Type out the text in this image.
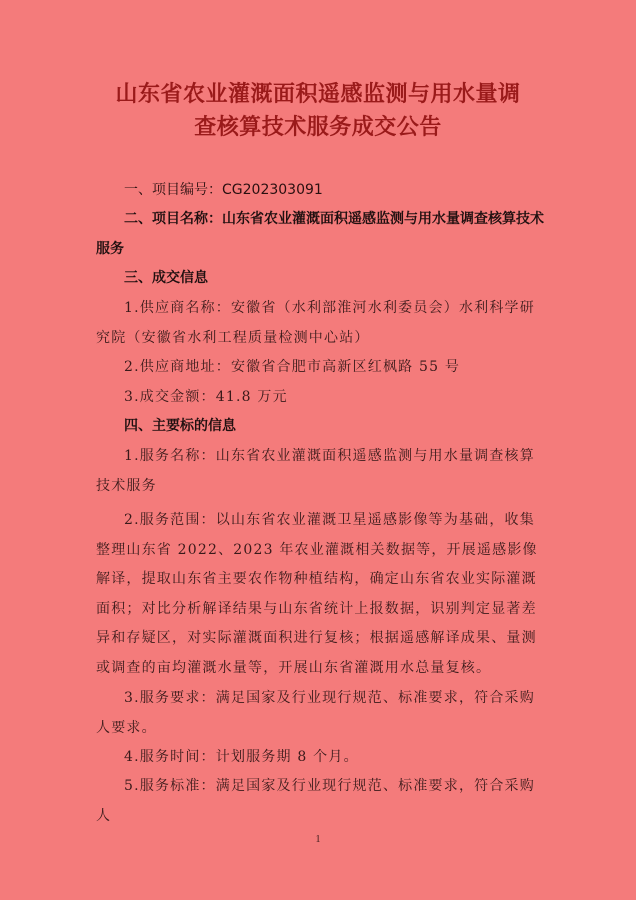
山东省农业灌溉面积遥感监测与用水量调
查核算技术服务成交公告

一、项目编号：CG202303091

二、项目名称：山东省农业灌溉面积遥感监测与用水量调查核算技术服务

三、成交信息

1.供应商名称：安徽省（水利部淮河水利委员会）水利科学研究院（安徽省水利工程质量检测中心站）

2.供应商地址：安徽省合肥市高新区红枫路 55 号

3.成交金额：41.8 万元

四、主要标的信息

1.服务名称：山东省农业灌溉面积遥感监测与用水量调查核算技术服务

2.服务范围：以山东省农业灌溉卫星遥感影像等为基础，收集整理山东省 2022、2023 年农业灌溉相关数据等，开展遥感影像解译，提取山东省主要农作物种植结构，确定山东省农业实际灌溉面积；对比分析解译结果与山东省统计上报数据，识别判定显著差异和存疑区，对实际灌溉面积进行复核；根据遥感解译成果、量测或调查的亩均灌溉水量等，开展山东省灌溉用水总量复核。

3.服务要求：满足国家及行业现行规范、标准要求，符合采购人要求。

4.服务时间：计划服务期 8 个月。

5.服务标准：满足国家及行业现行规范、标准要求，符合采购人

1
